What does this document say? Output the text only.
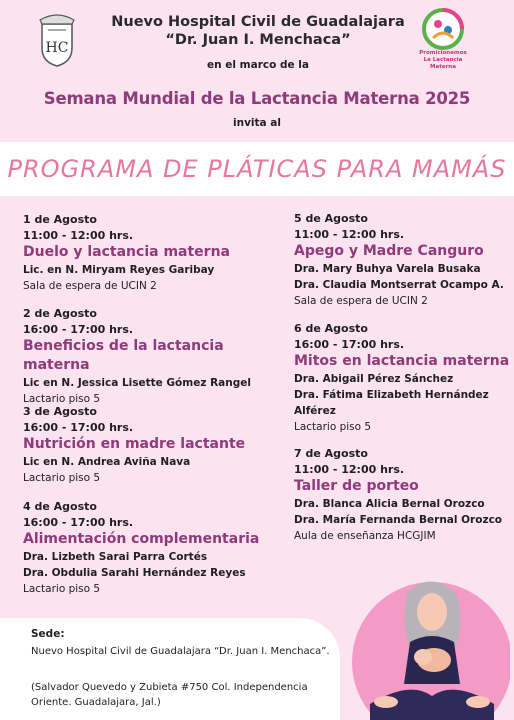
HC
Nuevo Hospital Civil de Guadalajara
“Dr. Juan I. Menchaca”
en el marco de la
Promicionemos La Lactancia Materna
Semana Mundial de la Lactancia Materna 2025
invita al
PROGRAMA DE PLÁTICAS PARA MAMÁS
1 de Agosto
11:00 - 12:00 hrs.
Duelo y lactancia materna
Lic. en N. Miryam Reyes Garibay
Sala de espera de UCIN 2
2 de Agosto
16:00 - 17:00 hrs.
Beneficios de la lactancia materna
Lic en N. Jessica Lisette Gómez Rangel
Lactario piso 5
3 de Agosto
16:00 - 17:00 hrs.
Nutrición en madre lactante
Lic en N. Andrea Aviña Nava
Lactario piso 5
4 de Agosto
16:00 - 17:00 hrs.
Alimentación complementaria
Dra. Lizbeth Sarai Parra Cortés
Dra. Obdulia Sarahi Hernández Reyes
Lactario piso 5
5 de Agosto
11:00 - 12:00 hrs.
Apego y Madre Canguro
Dra. Mary Buhya Varela Busaka
Dra. Claudia Montserrat Ocampo A.
Sala de espera de UCIN 2
6 de Agosto
16:00 - 17:00 hrs.
Mitos en lactancia materna
Dra. Abigail Pérez Sánchez
Dra. Fátima Elizabeth Hernández
Alférez
Lactario piso 5
7 de Agosto
11:00 - 12:00 hrs.
Taller de porteo
Dra. Blanca Alicia Bernal Orozco
Dra. María Fernanda Bernal Orozco
Aula de enseñanza HCGJIM
Sede:
Nuevo Hospital Civil de Guadalajara “Dr. Juan I. Menchaca”.
(Salvador Quevedo y Zubieta #750 Col. Independencia Oriente. Guadalajara, Jal.)
